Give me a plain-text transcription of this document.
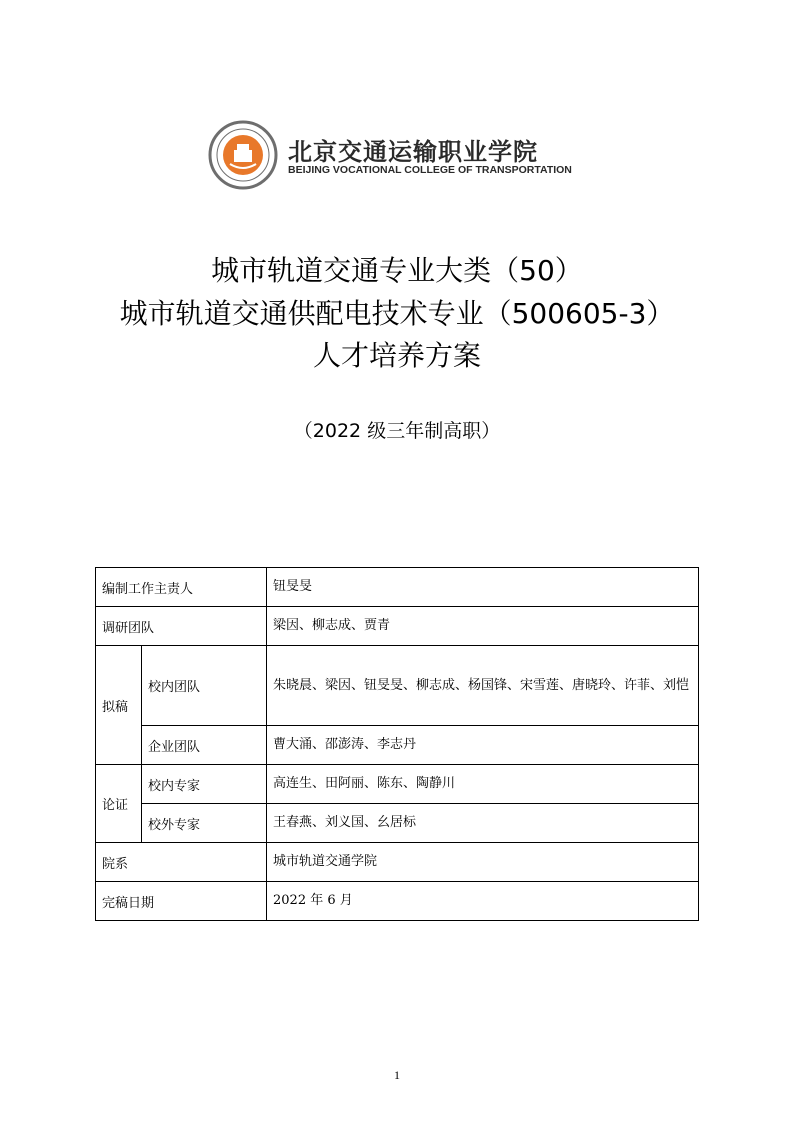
北京交通运输职业学院
BEIJING VOCATIONAL COLLEGE OF TRANSPORTATION
城市轨道交通专业大类（50）
城市轨道交通供配电技术专业（500605-3）
人才培养方案
（2022 级三年制高职）
编制工作主责人		钮旻旻
调研团队		梁因、柳志成、贾青
拟稿	校内团队	朱晓晨、梁因、钮旻旻、柳志成、杨国锋、宋雪莲、唐晓玲、许菲、刘恺
	企业团队	曹大涌、邵澎涛、李志丹
论证	校内专家	高连生、田阿丽、陈东、陶静川
	校外专家	王春燕、刘义国、幺居标
院系		城市轨道交通学院
完稿日期		2022 年 6 月
1
